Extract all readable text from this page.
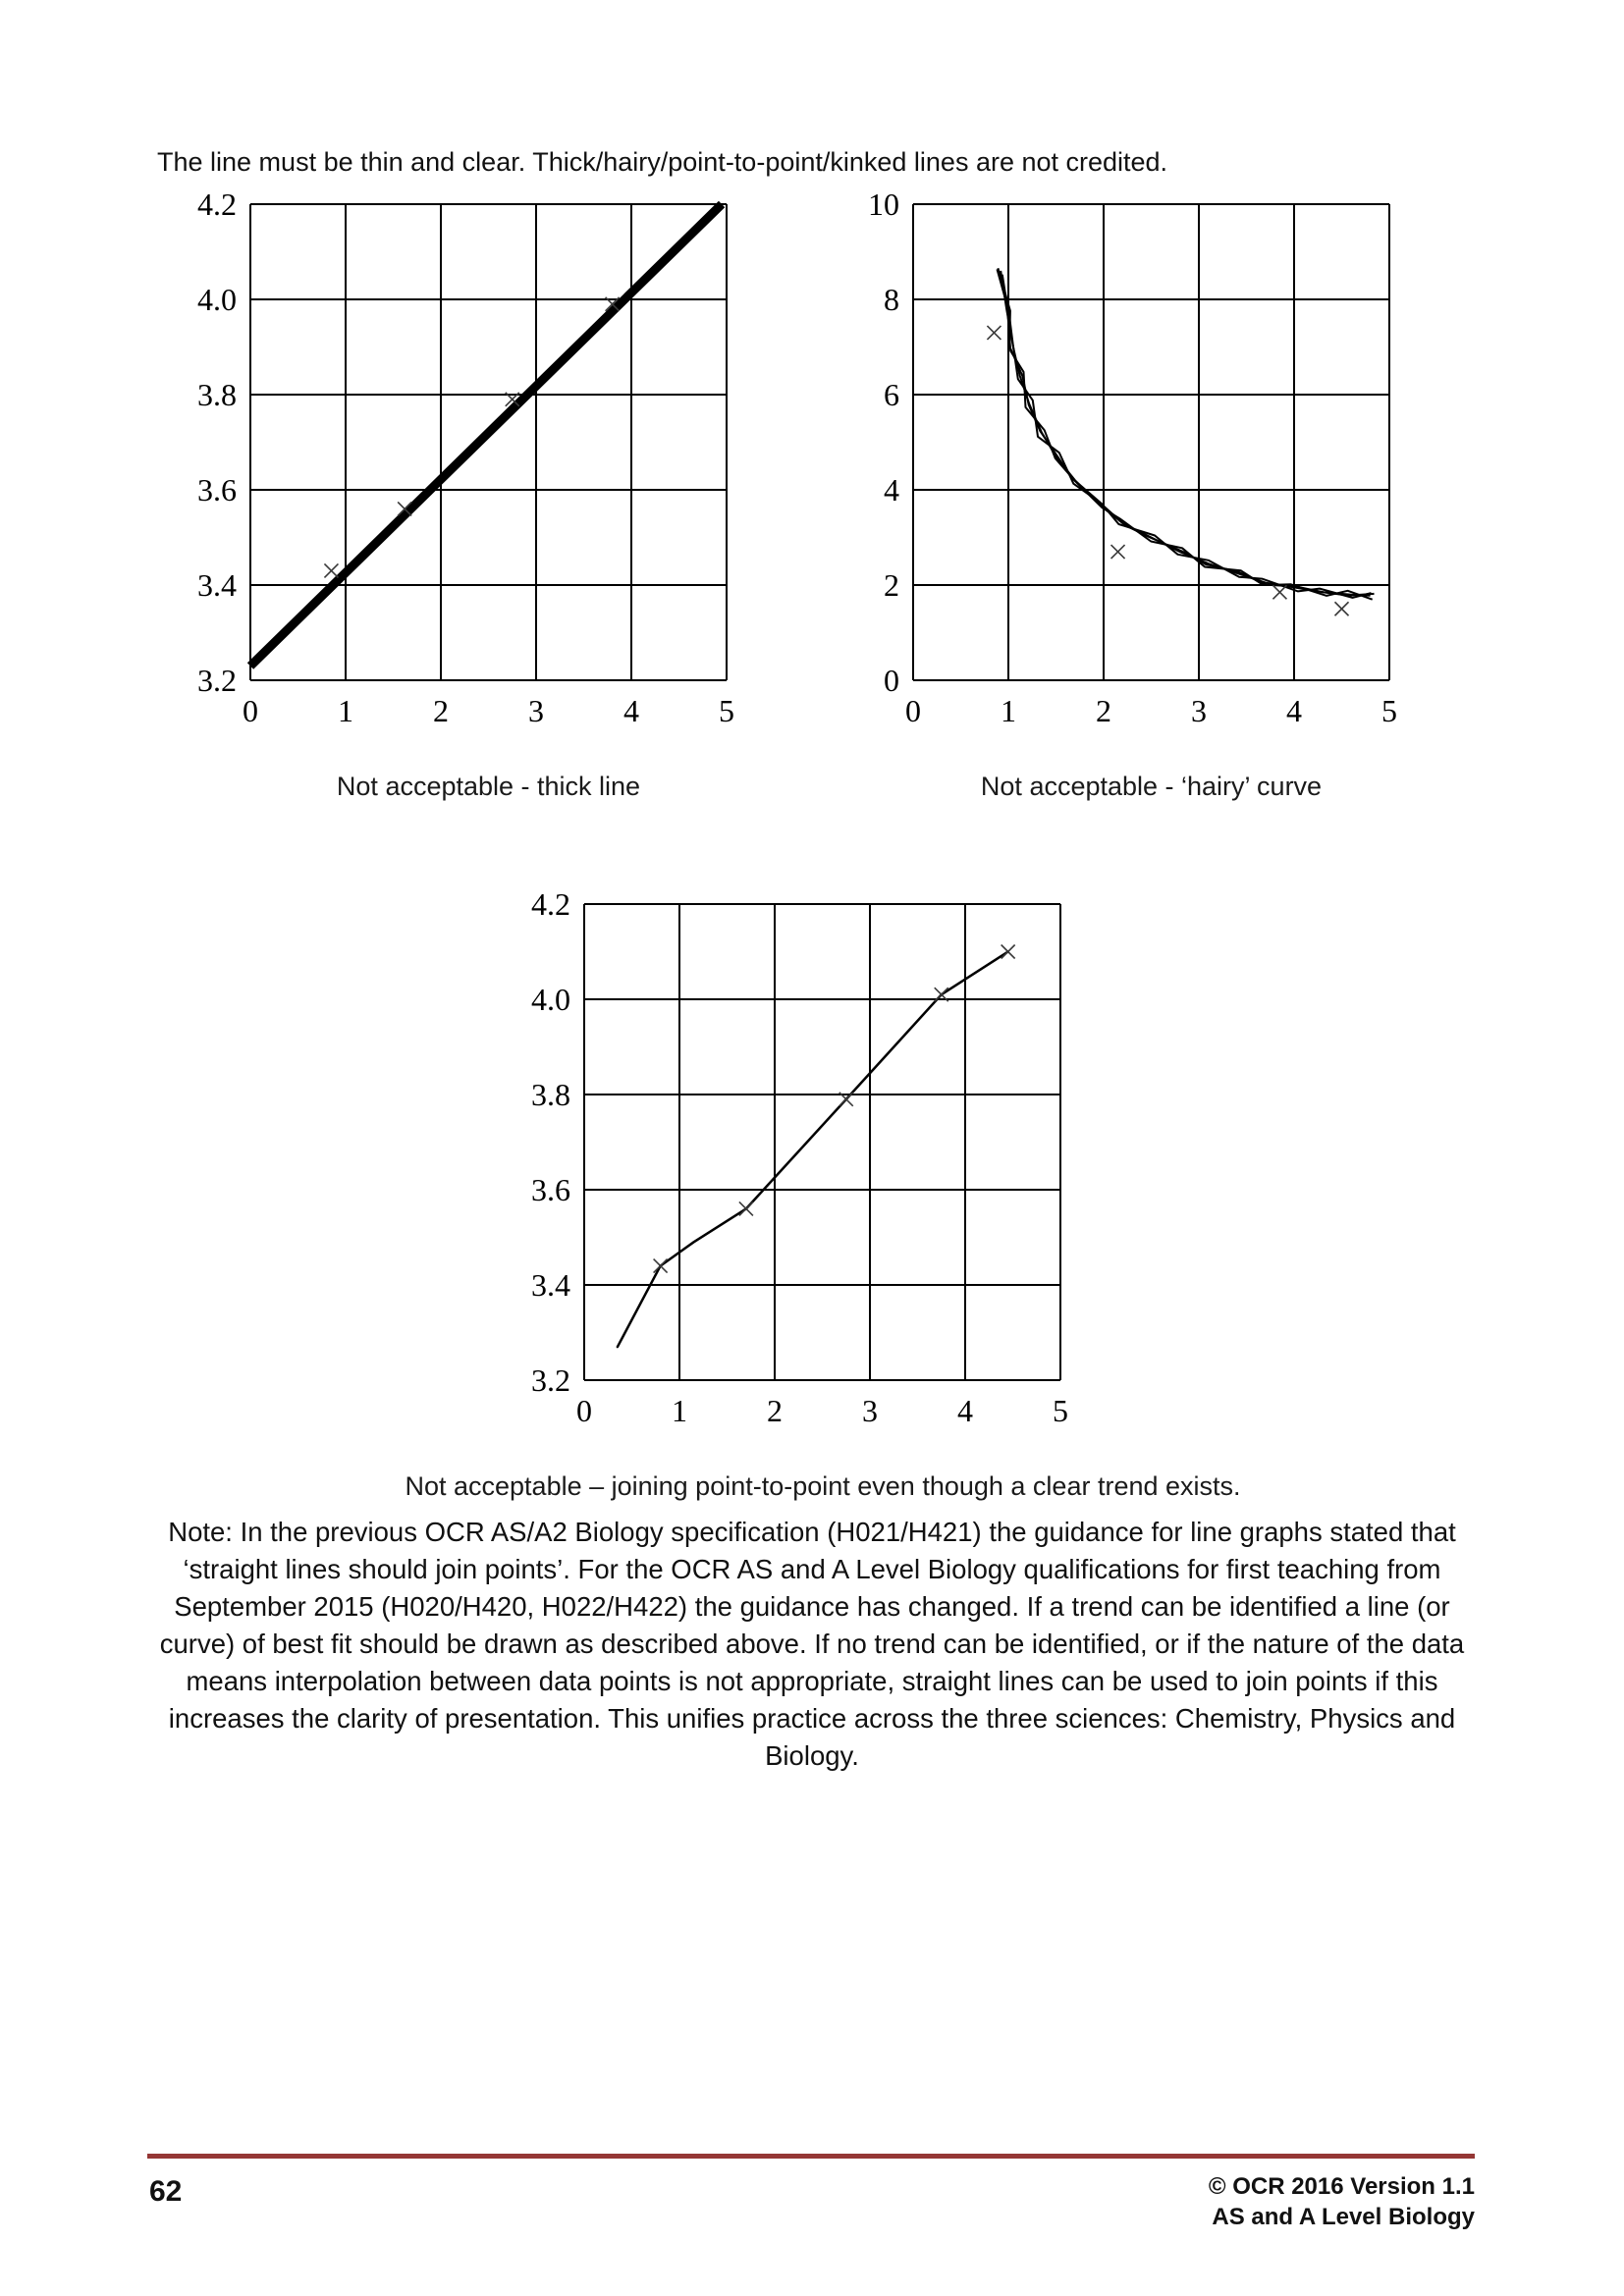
The line must be thin and clear. Thick/hairy/point-to-point/kinked lines are not credited.
3.2
3.4
3.6
3.8
4.0
4.2
0	1	2	3	4	5
Not acceptable - thick line
0
2
4
6
8
10
0	1	2	3	4	5
Not acceptable - ‘hairy’ curve
3.2
3.4
3.6
3.8
4.0
4.2
0	1	2	3	4	5
Not acceptable – joining point-to-point even though a clear trend exists.
Note: In the previous OCR AS/A2 Biology specification (H021/H421) the guidance for line graphs stated that ‘straight lines should join points’. For the OCR AS and A Level Biology qualifications for first teaching from September 2015 (H020/H420, H022/H422) the guidance has changed. If a trend can be identified a line (or curve) of best fit should be drawn as described above. If no trend can be identified, or if the nature of the data means interpolation between data points is not appropriate, straight lines can be used to join points if this increases the clarity of presentation. This unifies practice across the three sciences: Chemistry, Physics and Biology.
62	© OCR 2016 Version 1.1
AS and A Level Biology
